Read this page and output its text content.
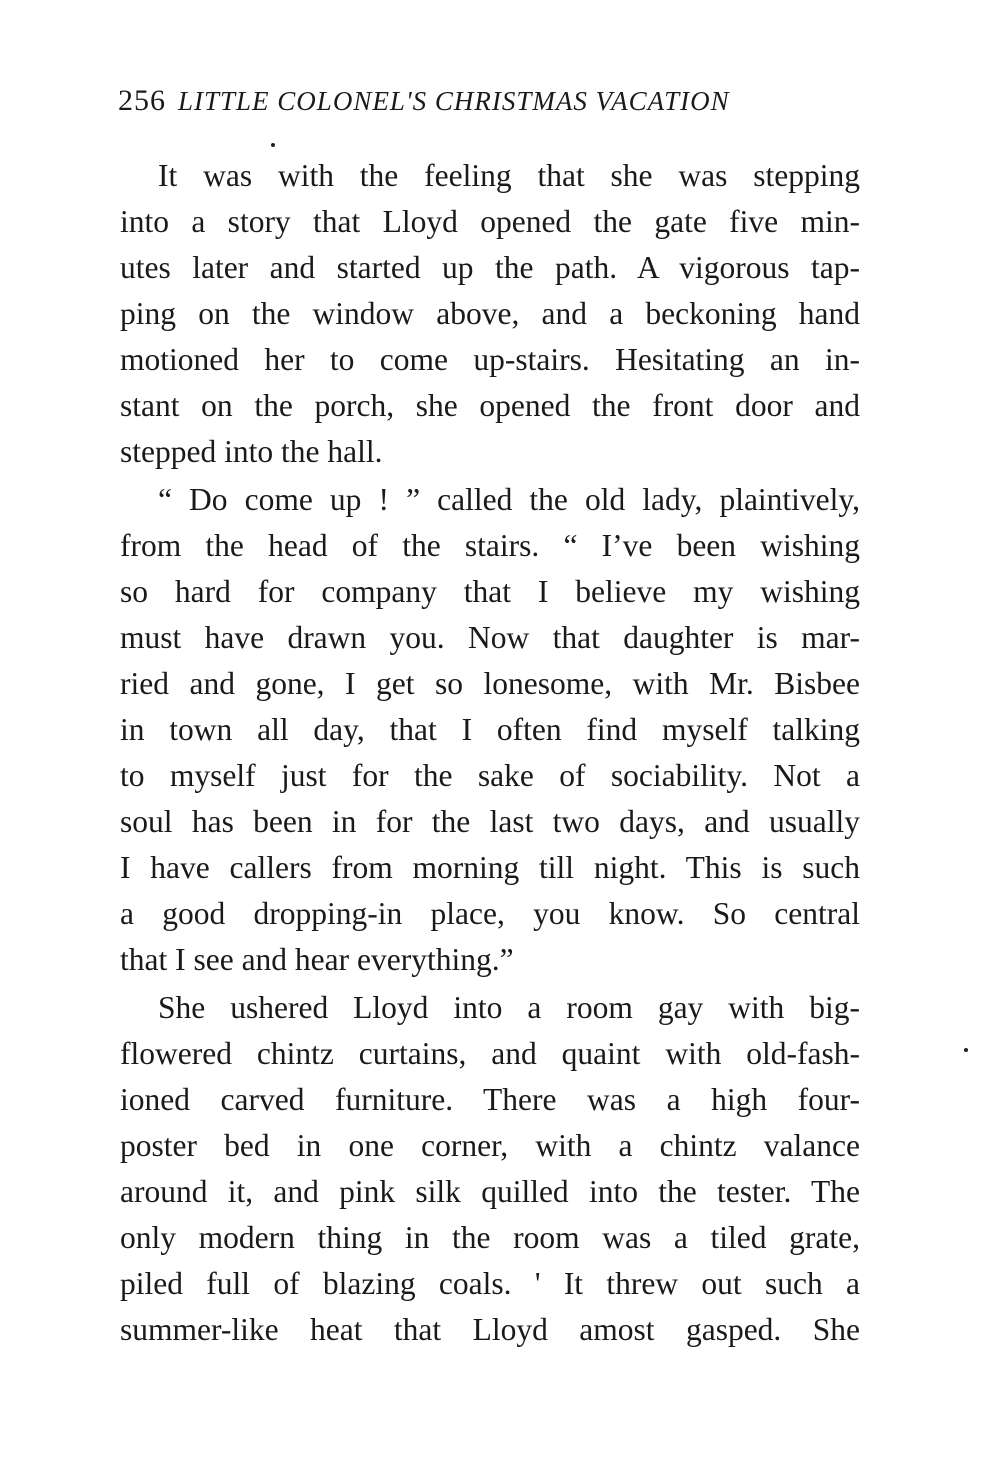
256 LITTLE COLONEL'S CHRISTMAS VACATION
It was with the feeling that she was stepping
into a story that Lloyd opened the gate five min-
utes later and started up the path. A vigorous tap-
ping on the window above, and a beckoning hand
motioned her to come up-stairs. Hesitating an in-
stant on the porch, she opened the front door and
stepped into the hall.
“ Do come up ! ” called the old lady, plaintively,
from the head of the stairs. “ I’ve been wishing
so hard for company that I believe my wishing
must have drawn you. Now that daughter is mar-
ried and gone, I get so lonesome, with Mr. Bisbee
in town all day, that I often find myself talking
to myself just for the sake of sociability. Not a
soul has been in for the last two days, and usually
I have callers from morning till night. This is such
a good dropping-in place, you know. So central
that I see and hear everything.”
She ushered Lloyd into a room gay with big-
flowered chintz curtains, and quaint with old-fash-
ioned carved furniture. There was a high four-
poster bed in one corner, with a chintz valance
around it, and pink silk quilled into the tester. The
only modern thing in the room was a tiled grate,
piled full of blazing coals. ' It threw out such a
summer-like heat that Lloyd amost gasped. She
